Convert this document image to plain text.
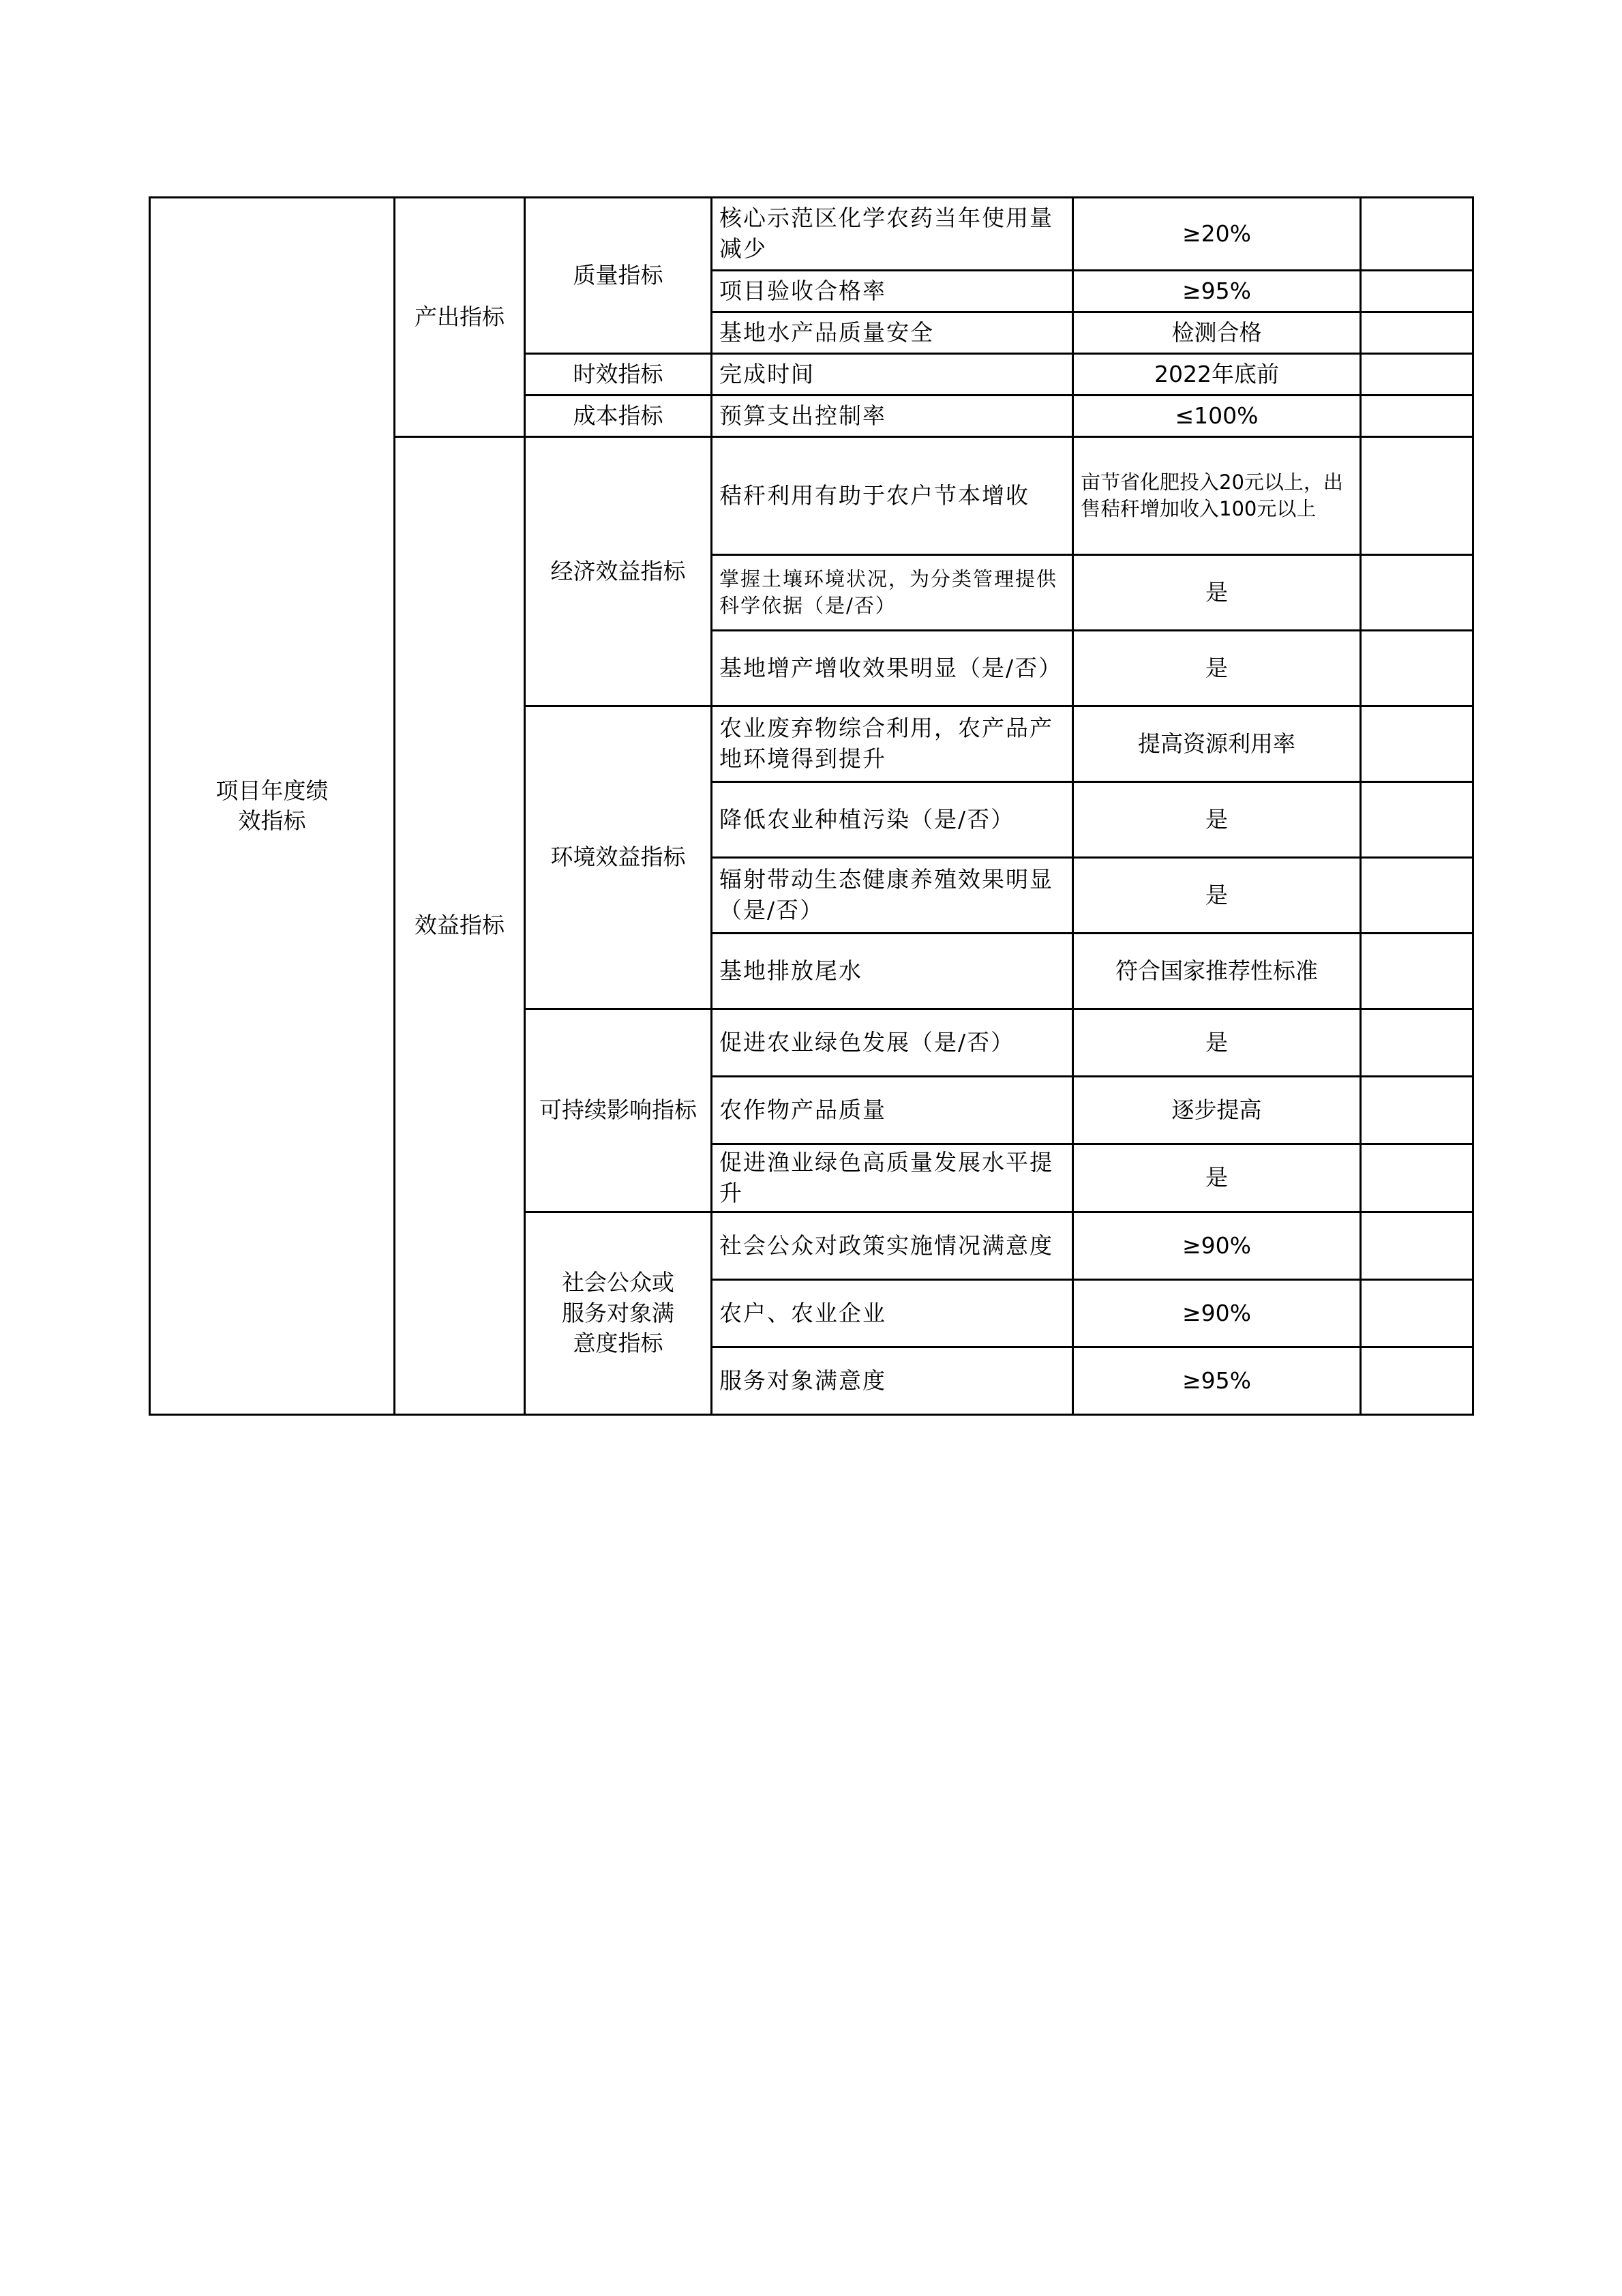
项目年度绩效指标	产出指标	质量指标	核心示范区化学农药当年使用量减少	≥20%	
			项目验收合格率	≥95%	
			基地水产品质量安全	检测合格	
		时效指标	完成时间	2022年底前	
		成本指标	预算支出控制率	≤100%	
	效益指标	经济效益指标	秸秆利用有助于农户节本增收	亩节省化肥投入20元以上，出售秸秆增加收入100元以上	
			掌握土壤环境状况，为分类管理提供科学依据（是/否）	是	
			基地增产增收效果明显（是/否）	是	
		环境效益指标	农业废弃物综合利用，农产品产地环境得到提升	提高资源利用率	
			降低农业种植污染（是/否）	是	
			辐射带动生态健康养殖效果明显（是/否）	是	
			基地排放尾水	符合国家推荐性标准	
		可持续影响指标	促进农业绿色发展（是/否）	是	
			农作物产品质量	逐步提高	
			促进渔业绿色高质量发展水平提升	是	
		社会公众或服务对象满意度指标	社会公众对政策实施情况满意度	≥90%	
			农户、农业企业	≥90%	
			服务对象满意度	≥95%	
